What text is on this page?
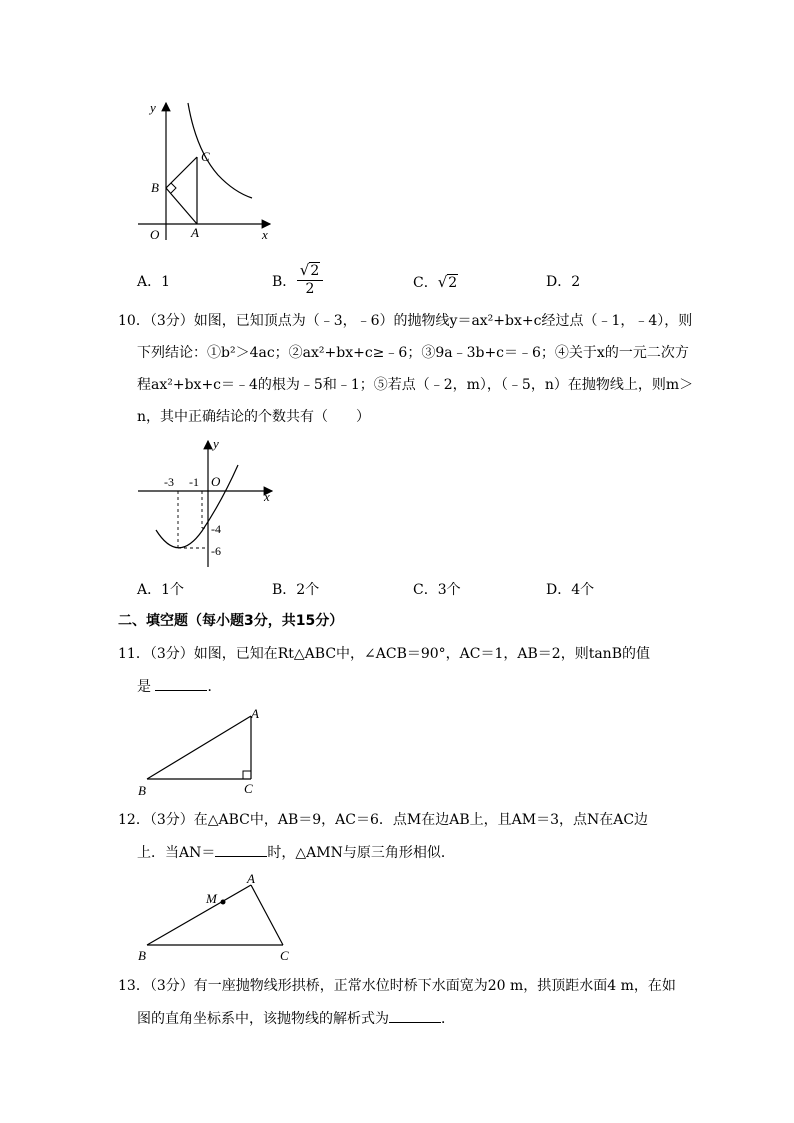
y
x
O A
B
C
A．1	B．
√2
2	C．√2	D．2
10．（3分）如图，已知顶点为（﹣3，﹣6）的抛物线y＝ax²+bx+c经过点（﹣1，﹣4），则
下列结论：①b²＞4ac；②ax²+bx+c≥﹣6；③9a﹣3b+c＝﹣6；④关于x的一元二次方
程ax²+bx+c＝﹣4的根为﹣5和﹣1；⑤若点（﹣2，m），（﹣5，n）在抛物线上，则m＞
n，其中正确结论的个数共有（　　）
y
x
O
-3 -1
-4
-6
A．1个	B．2个	C．3个	D．4个
二、填空题（每小题3分，共15分）
11．（3分）如图，已知在Rt△ABC中，∠ACB＝90°，AC＝1，AB＝2，则tanB的值
是	．
A
B	C
12．（3分）在△ABC中，AB＝9，AC＝6．点M在边AB上，且AM＝3，点N在AC边
上．当AN＝	时，△AMN与原三角形相似．
A
M
B	C
13．（3分）有一座抛物线形拱桥，正常水位时桥下水面宽为20 m，拱顶距水面4 m，在如
图的直角坐标系中，该抛物线的解析式为	．
